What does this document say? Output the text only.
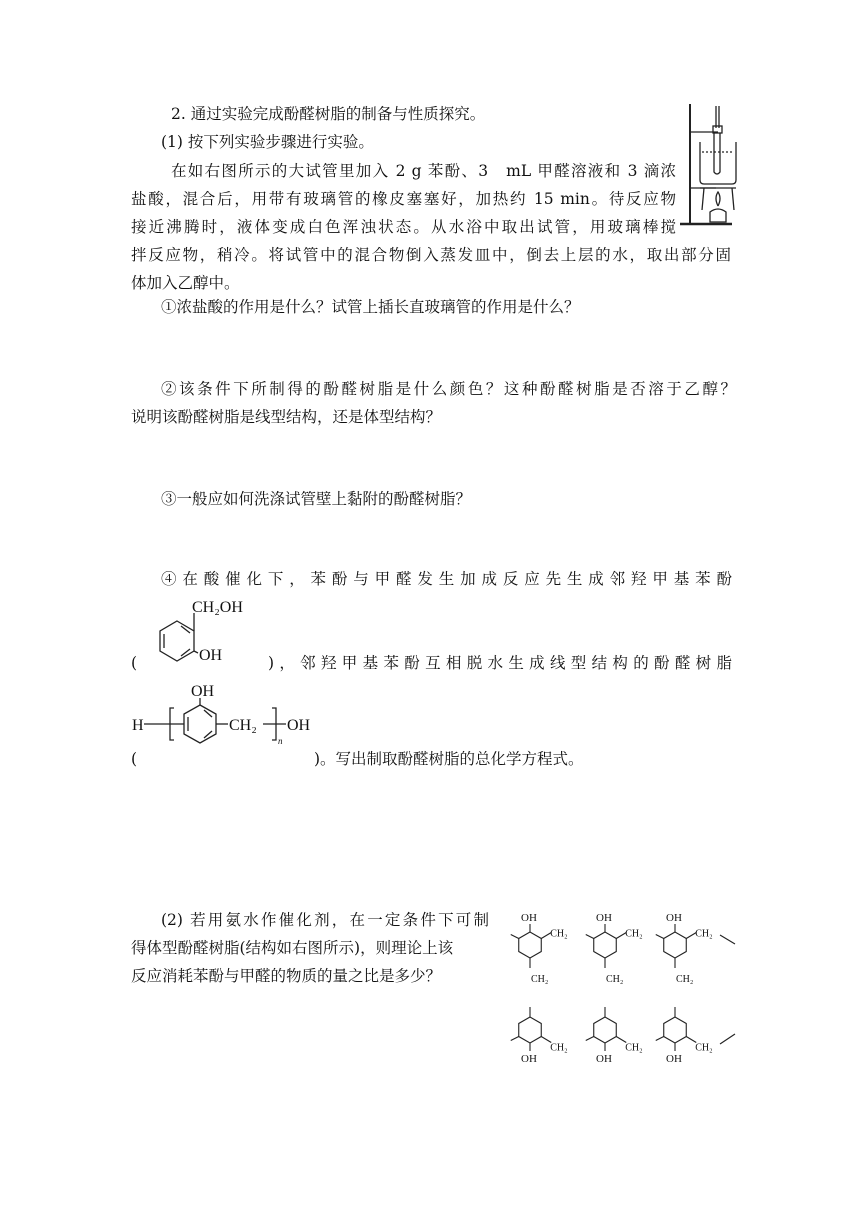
2. 通过实验完成酚醛树脂的制备与性质探究。
(1) 按下列实验步骤进行实验。
在如右图所示的大试管里加入 2 g 苯酚、3　mL 甲醛溶液和 3 滴浓
盐酸，混合后，用带有玻璃管的橡皮塞塞好，加热约 15 min。待反应物
接近沸腾时，液体变成白色浑浊状态。从水浴中取出试管，用玻璃棒搅
拌反应物，稍冷。将试管中的混合物倒入蒸发皿中，倒去上层的水，取出部分固
体加入乙醇中。
①浓盐酸的作用是什么？试管上插长直玻璃管的作用是什么？
②该条件下所制得的酚醛树脂是什么颜色？这种酚醛树脂是否溶于乙醇？
说明该酚醛树脂是线型结构，还是体型结构？
③一般应如何洗涤试管壁上黏附的酚醛树脂？
④在酸催化下，苯酚与甲醛发生加成反应先生成邻羟甲基苯酚
(	)，邻羟甲基苯酚互相脱水生成线型结构的酚醛树脂
CH₂OH
OH
OH
H	CH₂
n
OH
(	)。写出制取酚醛树脂的总化学方程式。
(2) 若用氨水作催化剂，在一定条件下可制
得体型酚醛树脂(结构如右图所示)，则理论上该
反应消耗苯酚与甲醛的物质的量之比是多少？
OH
CH₂
CH₂
OH
CH₂
OH
CH₂
CH₂
OH
CH₂
OH
CH₂
CH₂
OH
CH₂
